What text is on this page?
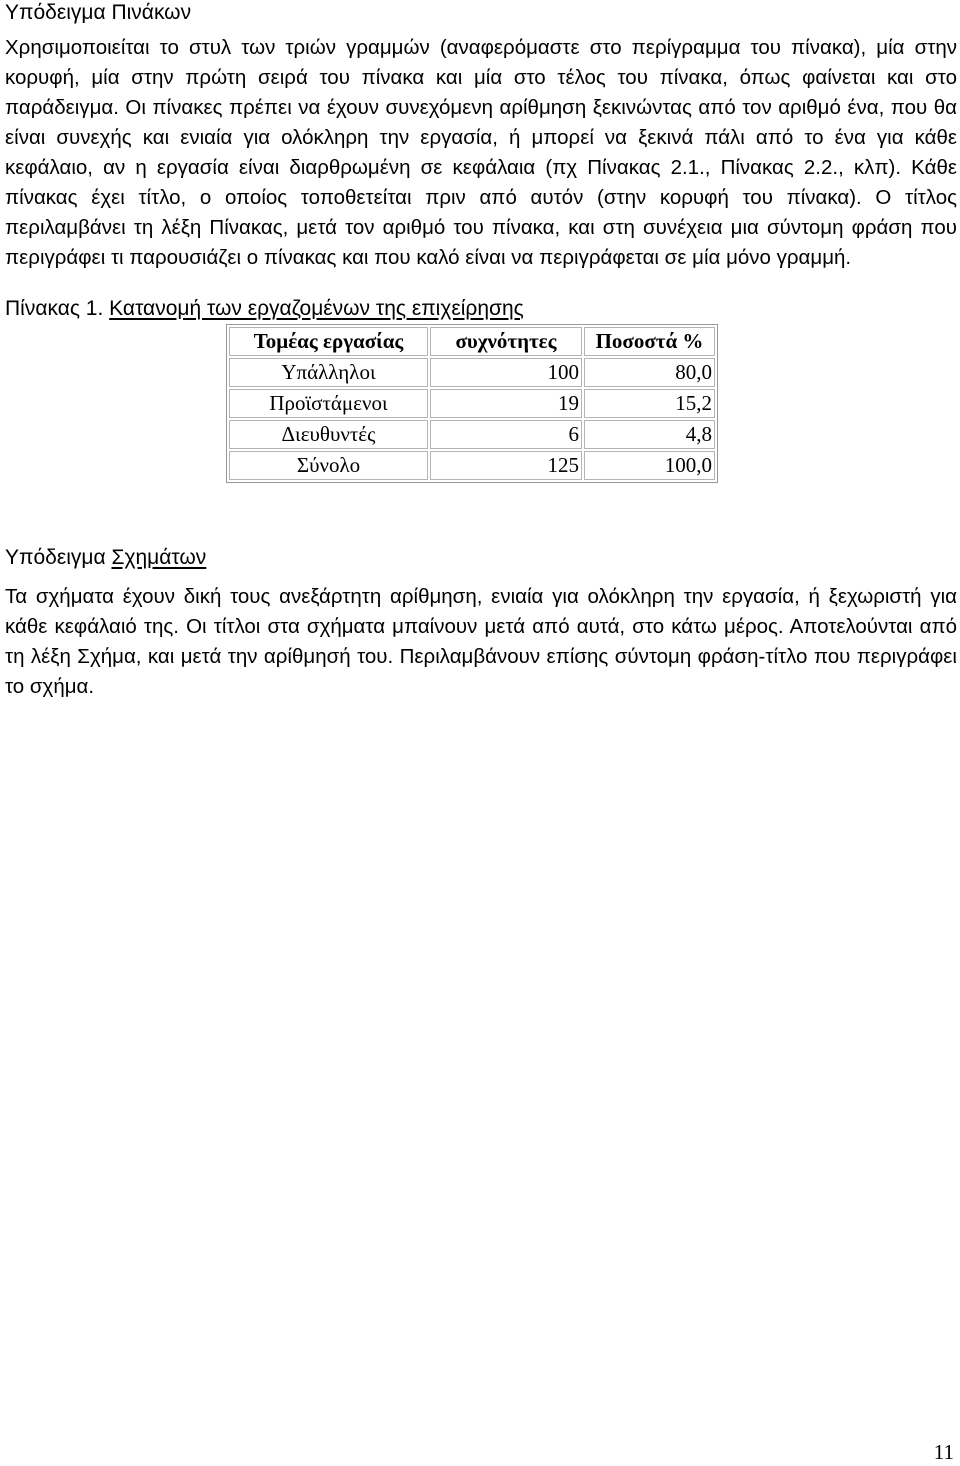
Υπόδειγμα Πινάκων

Χρησιμοποιείται το στυλ των τριών γραμμών (αναφερόμαστε στο περίγραμμα του πίνακα), μία στην κορυφή, μία στην πρώτη σειρά του πίνακα και μία στο τέλος του πίνακα, όπως φαίνεται και στο παράδειγμα. Οι πίνακες πρέπει να έχουν συνεχόμενη αρίθμηση ξεκινώντας από τον αριθμό ένα, που θα είναι συνεχής και ενιαία για ολόκληρη την εργασία, ή μπορεί να ξεκινά πάλι από το ένα για κάθε κεφάλαιο, αν η εργασία είναι διαρθρωμένη σε κεφάλαια (πχ Πίνακας 2.1., Πίνακας 2.2., κλπ). Κάθε πίνακας έχει τίτλο, ο οποίος τοποθετείται πριν από αυτόν (στην κορυφή του πίνακα). Ο τίτλος περιλαμβάνει τη λέξη Πίνακας, μετά τον αριθμό του πίνακα, και στη συνέχεια μια σύντομη φράση που περιγράφει τι παρουσιάζει ο πίνακας και που καλό είναι να περιγράφεται σε μία μόνο γραμμή.

Πίνακας 1. Κατανομή των εργαζομένων της επιχείρησης
Τομέας εργασίας	συχνότητες	Ποσοστά %
Υπάλληλοι	100	80,0
Προϊστάμενοι	19	15,2
Διευθυντές	6	4,8
Σύνολο	125	100,0
Υπόδειγμα Σχημάτων

Τα σχήματα έχουν δική τους ανεξάρτητη αρίθμηση, ενιαία για ολόκληρη την εργασία, ή ξεχωριστή για κάθε κεφάλαιό της. Οι τίτλοι στα σχήματα μπαίνουν μετά από αυτά, στο κάτω μέρος. Αποτελούνται από τη λέξη Σχήμα, και μετά την αρίθμησή του. Περιλαμβάνουν επίσης σύντομη φράση-τίτλο που περιγράφει το σχήμα.

11
